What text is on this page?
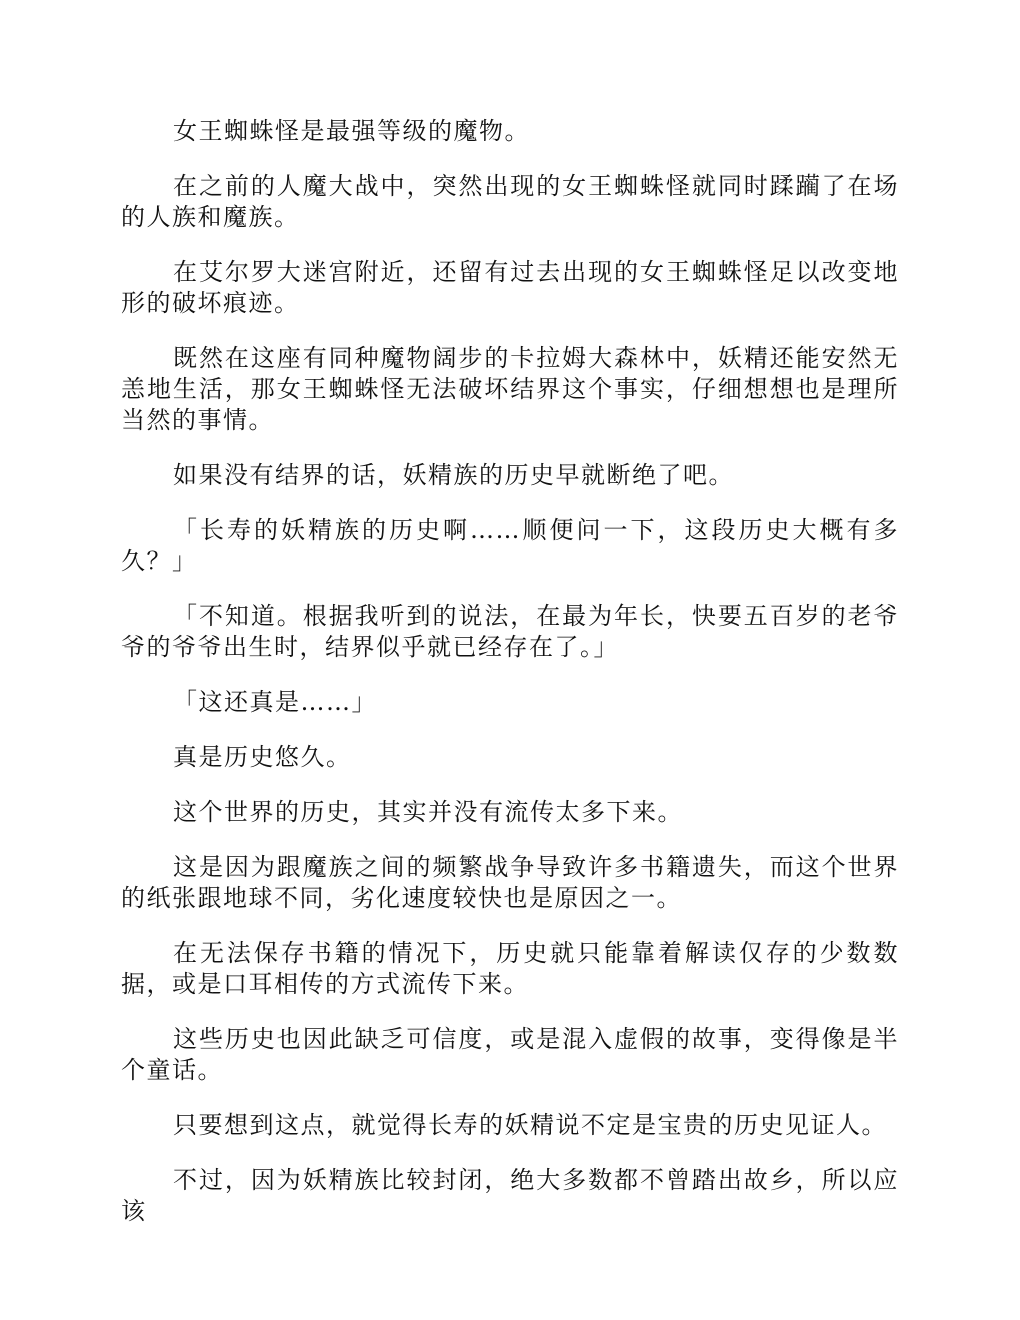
女王蜘蛛怪是最强等级的魔物。

在之前的人魔大战中，突然出现的女王蜘蛛怪就同时蹂躏了在场的人族和魔族。

在艾尔罗大迷宫附近，还留有过去出现的女王蜘蛛怪足以改变地形的破坏痕迹。

既然在这座有同种魔物阔步的卡拉姆大森林中，妖精还能安然无恙地生活，那女王蜘蛛怪无法破坏结界这个事实，仔细想想也是理所当然的事情。

如果没有结界的话，妖精族的历史早就断绝了吧。

「长寿的妖精族的历史啊……顺便问一下，这段历史大概有多久？」

「不知道。根据我听到的说法，在最为年长，快要五百岁的老爷爷的爷爷出生时，结界似乎就已经存在了。」

「这还真是……」

真是历史悠久。

这个世界的历史，其实并没有流传太多下来。

这是因为跟魔族之间的频繁战争导致许多书籍遗失，而这个世界的纸张跟地球不同，劣化速度较快也是原因之一。

在无法保存书籍的情况下，历史就只能靠着解读仅存的少数数据，或是口耳相传的方式流传下来。

这些历史也因此缺乏可信度，或是混入虚假的故事，变得像是半个童话。

只要想到这点，就觉得长寿的妖精说不定是宝贵的历史见证人。

不过，因为妖精族比较封闭，绝大多数都不曾踏出故乡，所以应该
